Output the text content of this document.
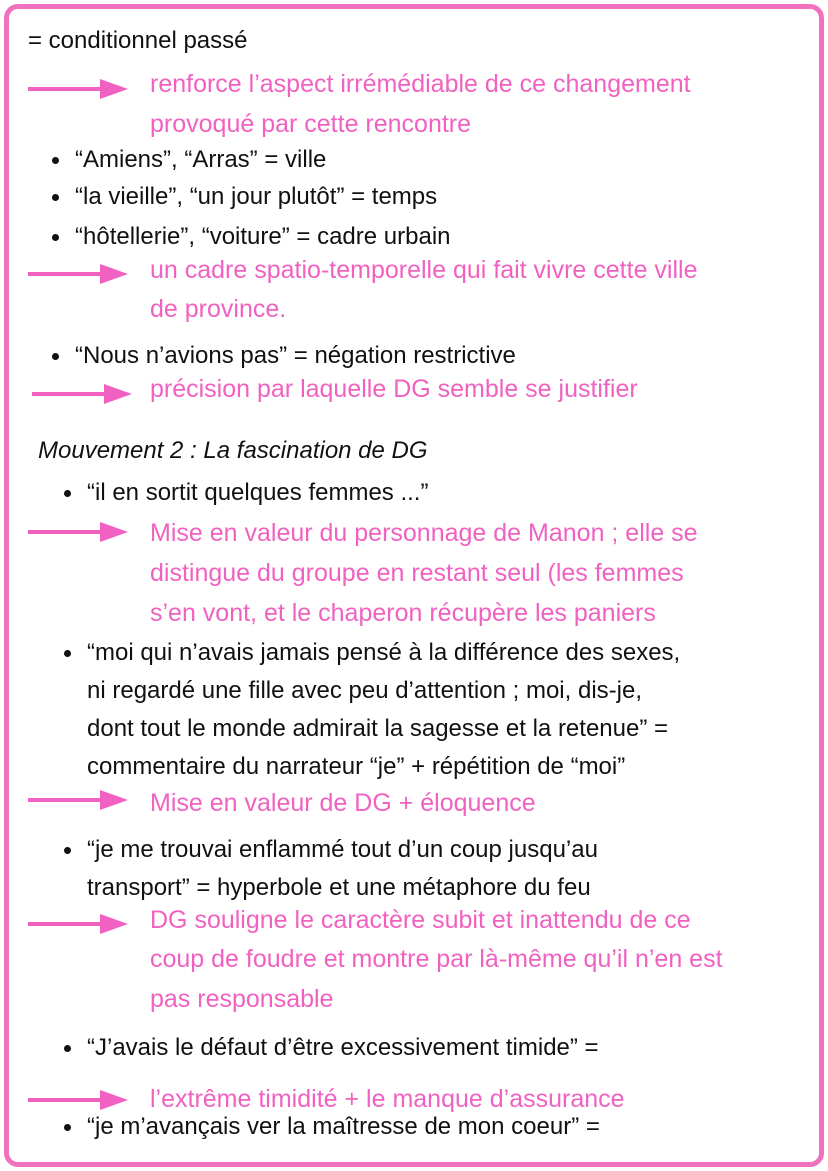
= conditionnel passé
renforce l’aspect irrémédiable de ce changement
provoqué par cette rencontre
“Amiens”, “Arras” = ville
“la vieille”, “un jour plutôt” = temps
“hôtellerie”, “voiture” = cadre urbain
un cadre spatio-temporelle qui fait vivre cette ville
de province.
“Nous n’avions pas” = négation restrictive
précision par laquelle DG semble se justifier
Mouvement 2 : La fascination de DG
“il en sortit quelques femmes ...”
Mise en valeur du personnage de Manon ; elle se
distingue du groupe en restant seul (les femmes
s’en vont, et le chaperon récupère les paniers
“moi qui n’avais jamais pensé à la différence des sexes,
ni regardé une fille avec peu d’attention ; moi, dis-je,
dont tout le monde admirait la sagesse et la retenue” =
commentaire du narrateur “je” + répétition de “moi”
Mise en valeur de DG + éloquence
“je me trouvai enflammé tout d’un coup jusqu’au
transport” = hyperbole et une métaphore du feu
DG souligne le caractère subit et inattendu de ce
coup de foudre et montre par là-même qu’il n’en est
pas responsable
“J’avais le défaut d’être excessivement timide” =
l’extrême timidité + le manque d’assurance
“je m’avançais ver la maîtresse de mon coeur” =
